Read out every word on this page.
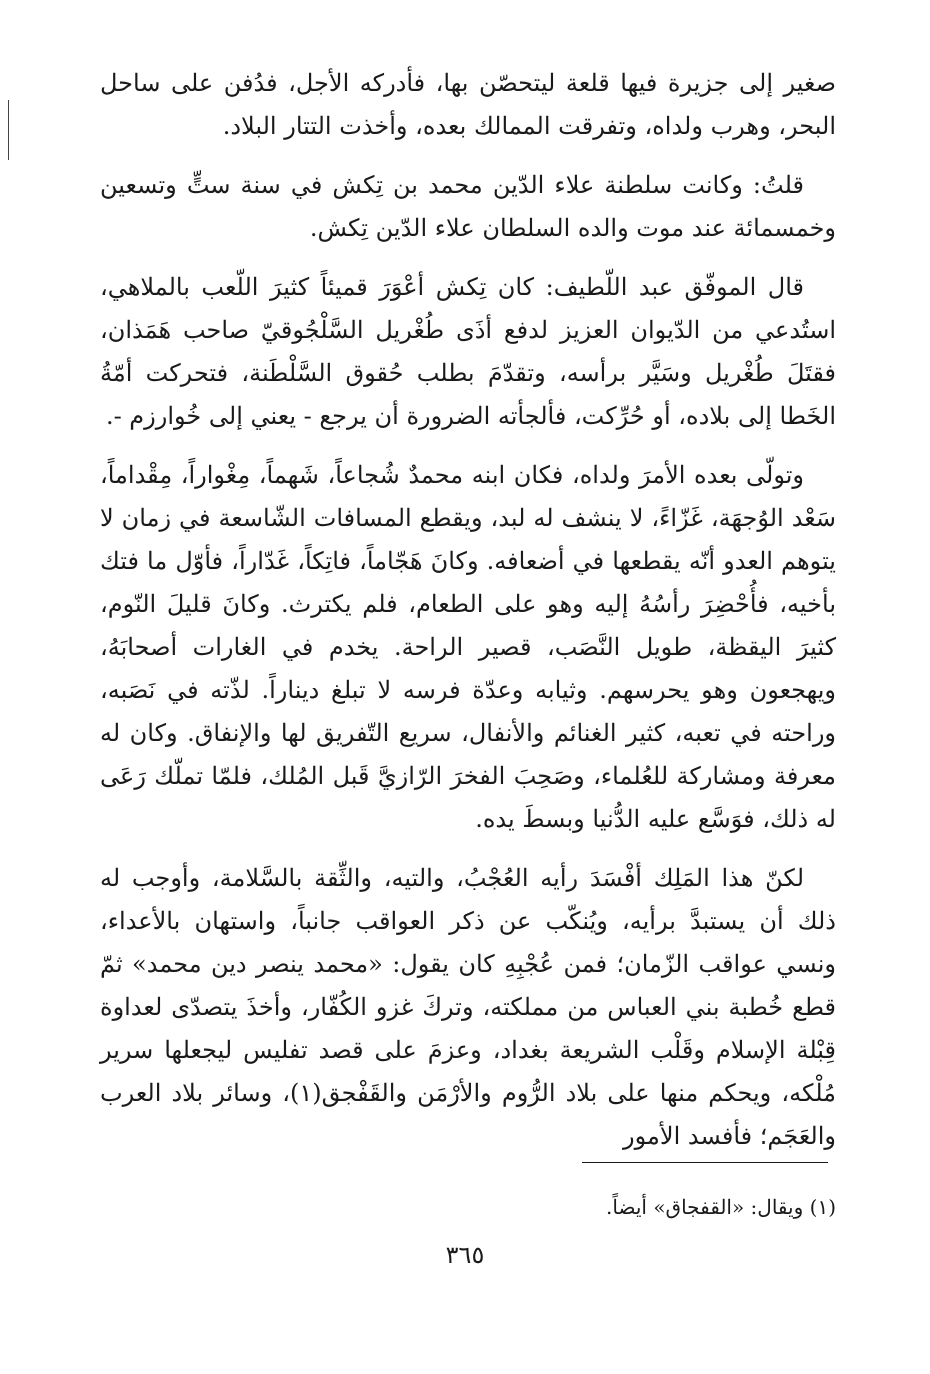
صغير إلى جزيرة فيها قلعة ليتحصّن بها، فأدركه الأجل، فدُفن على ساحل البحر، وهرب ولداه، وتفرقت الممالك بعده، وأخذت التتار البلاد.

قلتُ: وكانت سلطنة علاء الدّين محمد بن تِكش في سنة ستٍّ وتسعين وخمسمائة عند موت والده السلطان علاء الدّين تِكش.

قال الموفّق عبد اللّطيف: كان تِكش أعْوَرَ قميئاً كثيرَ اللّعب بالملاهي، استُدعي من الدّيوان العزيز لدفع أذَى طُغْريل السَّلْجُوقيّ صاحب هَمَذان، فقتَلَ طُغْريل وسَيَّر برأسه، وتقدّمَ بطلب حُقوق السَّلْطَنة، فتحركت أمّةُ الخَطا إلى بلاده، أو حُرِّكت، فألجأته الضرورة أن يرجع - يعني إلى خُوارزم -.

وتولّى بعده الأمرَ ولداه، فكان ابنه محمدٌ شُجاعاً، شَهماً، مِغْواراً، مِقْداماً، سَعْد الوُجهَة، غَزّاءً، لا ينشف له لبد، ويقطع المسافات الشّاسعة في زمان لا يتوهم العدو أنّه يقطعها في أضعافه. وكانَ هَجّاماً، فاتِكاً، غَدّاراً، فأوّل ما فتك بأخيه، فأُحْضِرَ رأسُهُ إليه وهو على الطعام، فلم يكترث. وكانَ قليلَ النّوم، كثيرَ اليقظة، طويل النَّصَب، قصير الراحة. يخدم في الغارات أصحابَهُ، ويهجعون وهو يحرسهم. وثيابه وعدّة فرسه لا تبلغ ديناراً. لذّته في نَصَبه، وراحته في تعبه، كثير الغنائم والأنفال، سريع التّفريق لها والإنفاق. وكان له معرفة ومشاركة للعُلماء، وصَحِبَ الفخرَ الرّازيَّ قَبل المُلك، فلمّا تملّك رَعَى له ذلك، فوَسَّع عليه الدُّنيا وبسطَ يده.

لكنّ هذا المَلِك أفْسَدَ رأيه العُجْبُ، والتيه، والثِّقة بالسَّلامة، وأوجب له ذلك أن يستبدَّ برأيه، ويُنكّب عن ذكر العواقب جانباً، واستهان بالأعداء، ونسي عواقب الزّمان؛ فمن عُجْبِهِ كان يقول: «محمد ينصر دين محمد» ثمّ قطع خُطبة بني العباس من مملكته، وتركَ غزو الكُفّار، وأخذَ يتصدّى لعداوة قِبْلة الإسلام وقَلْب الشريعة بغداد، وعزمَ على قصد تفليس ليجعلها سرير مُلْكه، ويحكم منها على بلاد الرُّوم والأرْمَن والقَفْجق(١)، وسائر بلاد العرب والعَجَم؛ فأفسد الأمور

(١) ويقال: «القفجاق» أيضاً.
٣٦٥
